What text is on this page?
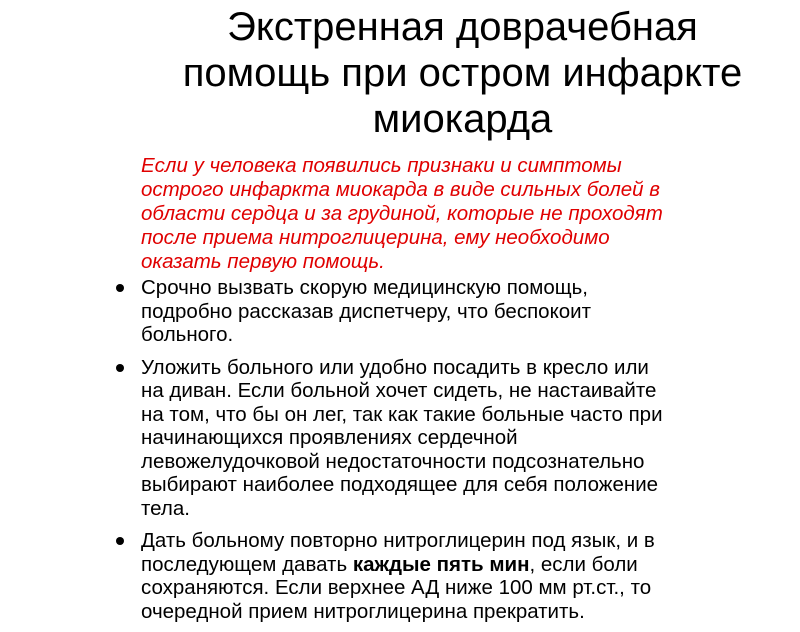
Экстренная доврачебная
помощь при остром инфаркте
миокарда
Если у человека появились признаки и симптомы
острого инфаркта миокарда в виде сильных болей в
области сердца и за грудиной, которые не проходят
после приема нитроглицерина, ему необходимо
оказать первую помощь.
Срочно вызвать скорую медицинскую помощь,
подробно рассказав диспетчеру, что беспокоит
больного.
Уложить больного или удобно посадить в кресло или
на диван. Если больной хочет сидеть, не настаивайте
на том, что бы он лег, так как такие больные часто при
начинающихся проявлениях сердечной
левожелудочковой недостаточности подсознательно
выбирают наиболее подходящее для себя положение
тела.
Дать больному повторно нитроглицерин под язык, и в
последующем давать каждые пять мин, если боли
сохраняются. Если верхнее АД ниже 100 мм рт.ст., то
очередной прием нитроглицерина прекратить.
